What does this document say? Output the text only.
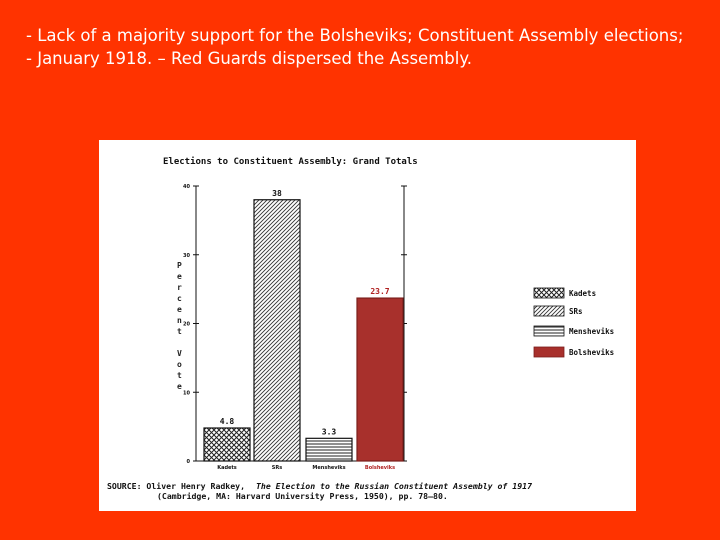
- Lack of a majority support for the Bolsheviks; Constituent Assembly elections;

- January 1918. – Red Guards dispersed the Assembly.

Elections to Constituent Assembly: Grand Totals
P e r c e n t V o t e
0
10
20
30
40
4.8
Kadets
38
SRs
3.3
Mensheviks
23.7
Bolsheviks
Kadets
SRs
Mensheviks
Bolsheviks
SOURCE: Oliver Henry Radkey, The Election to the Russian Constituent Assembly of 1917
(Cambridge, MA: Harvard University Press, 1950), pp. 78–80.
